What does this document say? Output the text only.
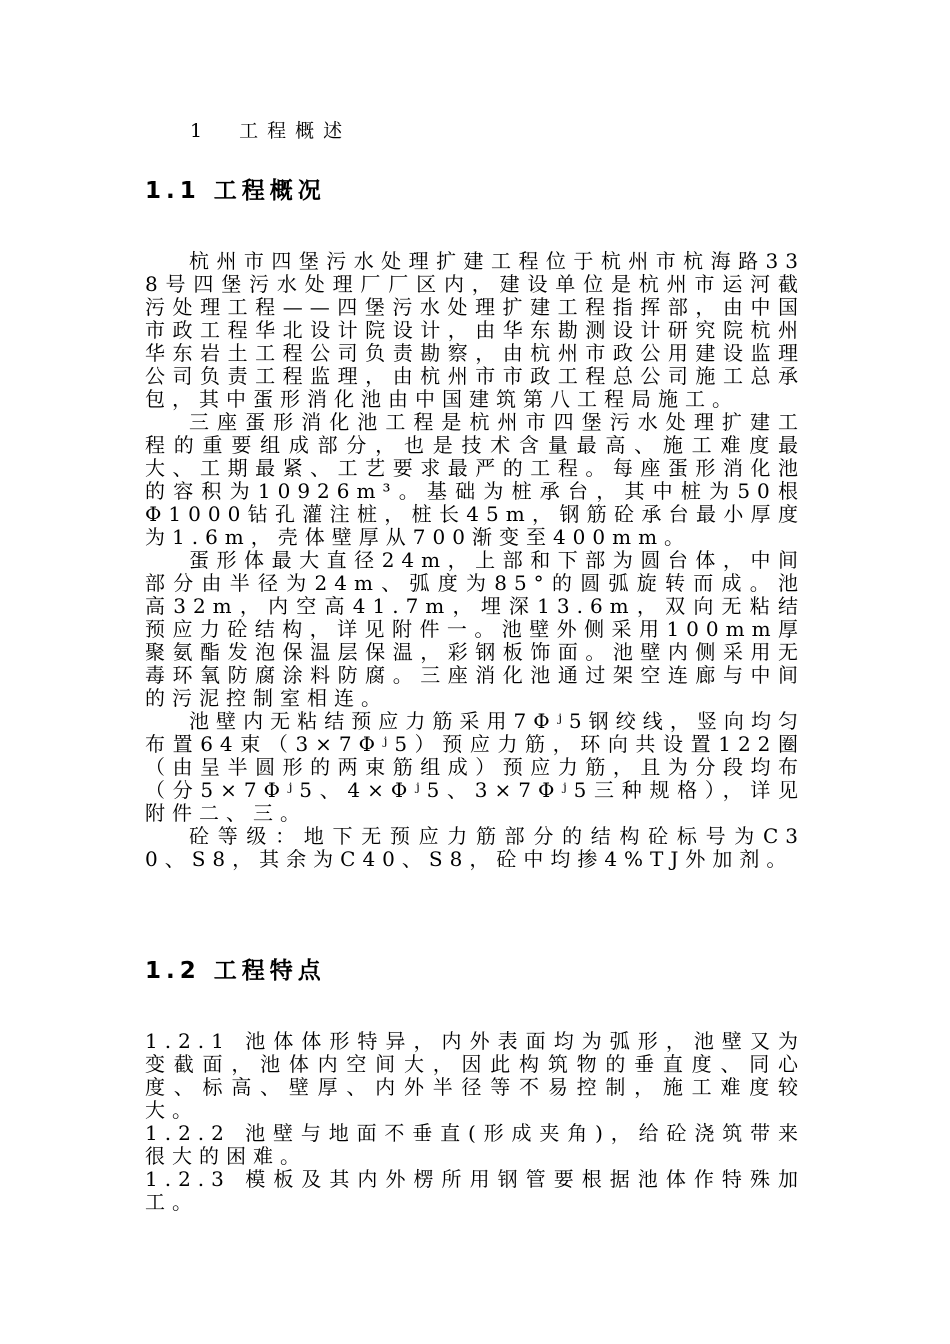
1　工程概述
1.1 工程概况

杭州市四堡污水处理扩建工程位于杭州市杭海路338号四堡污水处理厂厂区内，建设单位是杭州市运河截污处理工程——四堡污水处理扩建工程指挥部，由中国市政工程华北设计院设计，由华东勘测设计研究院杭州华东岩土工程公司负责勘察，由杭州市政公用建设监理公司负责工程监理，由杭州市市政工程总公司施工总承包，其中蛋形消化池由中国建筑第八工程局施工。

三座蛋形消化池工程是杭州市四堡污水处理扩建工程的重要组成部分，也是技术含量最高、施工难度最大、工期最紧、工艺要求最严的工程。每座蛋形消化池的容积为10926m³。基础为桩承台，其中桩为50根Φ1000钻孔灌注桩，桩长45m，钢筋砼承台最小厚度为1.6m，壳体壁厚从700渐变至400mm。

蛋形体最大直径24m，上部和下部为圆台体，中间部分由半径为24m、弧度为85°的圆弧旋转而成。池高32m，内空高41.7m，埋深13.6m，双向无粘结预应力砼结构，详见附件一。池壁外侧采用100mm厚聚氨酯发泡保温层保温，彩钢板饰面。池壁内侧采用无毒环氧防腐涂料防腐。三座消化池通过架空连廊与中间的污泥控制室相连。

池壁内无粘结预应力筋采用7Φʲ5钢绞线，竖向均匀布置64束（3×7Φʲ5）预应力筋，环向共设置122圈（由呈半圆形的两束筋组成）预应力筋，且为分段均布（分5×7Φʲ5、4×Φʲ5、3×7Φʲ5三种规格），详见附件二、三。

砼等级：地下无预应力筋部分的结构砼标号为C30、S8，其余为C40、S8，砼中均掺4%TJ外加剂。

1.2 工程特点

1.2.1 池体体形特异，内外表面均为弧形，池壁又为变截面，池体内空间大，因此构筑物的垂直度、同心度、标高、壁厚、内外半径等不易控制，施工难度较大。

1.2.2 池壁与地面不垂直(形成夹角)，给砼浇筑带来很大的困难。

1.2.3 模板及其内外楞所用钢管要根据池体作特殊加工。
